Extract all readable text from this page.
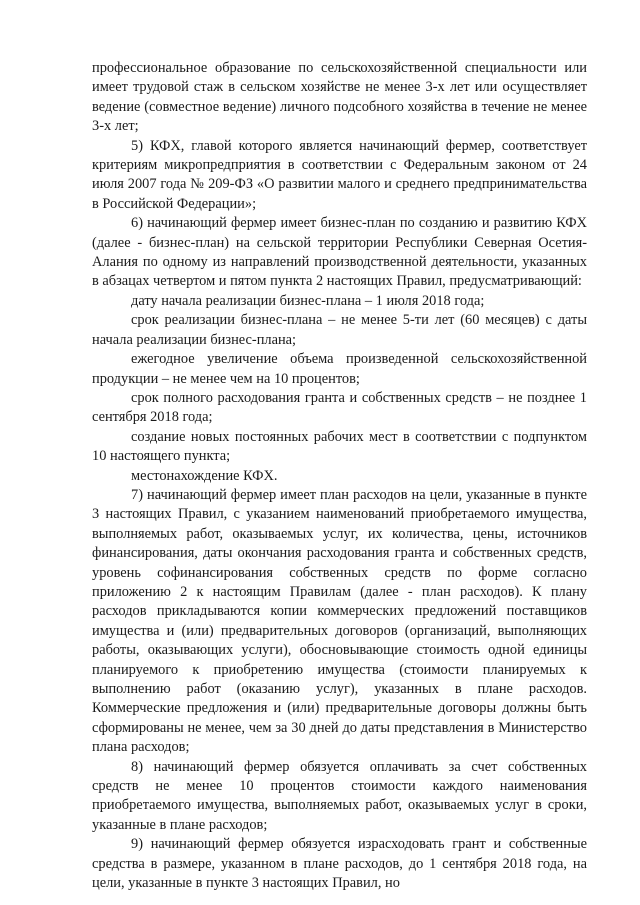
профессиональное образование по сельскохозяйственной специальности или имеет трудовой стаж в сельском хозяйстве не менее 3-х лет или осуществляет ведение (совместное ведение) личного подсобного хозяйства в течение не менее 3-х лет;

5) КФХ, главой которого является начинающий фермер, соответствует критериям микропредприятия в соответствии с Федеральным законом от 24 июля 2007 года № 209-ФЗ «О развитии малого и среднего предпринимательства в Российской Федерации»;

6) начинающий фермер имеет бизнес-план по созданию и развитию КФХ (далее - бизнес-план) на сельской территории Республики Северная Осетия-Алания по одному из направлений производственной деятельности, указанных в абзацах четвертом и пятом пункта 2 настоящих Правил, предусматривающий:

дату начала реализации бизнес-плана – 1 июля 2018 года;

срок реализации бизнес-плана – не менее 5-ти лет (60 месяцев) с даты начала реализации бизнес-плана;

ежегодное увеличение объема произведенной сельскохозяйственной продукции – не менее чем на 10 процентов;

срок полного расходования гранта и собственных средств – не позднее 1 сентября 2018 года;

создание новых постоянных рабочих мест в соответствии с подпунктом 10 настоящего пункта;

местонахождение КФХ.

7) начинающий фермер имеет план расходов на цели, указанные в пункте 3 настоящих Правил, с указанием наименований приобретаемого имущества, выполняемых работ, оказываемых услуг, их количества, цены, источников финансирования, даты окончания расходования гранта и собственных средств, уровень софинансирования собственных средств по форме согласно приложению 2 к настоящим Правилам (далее - план расходов). К плану расходов прикладываются копии коммерческих предложений поставщиков имущества и (или) предварительных договоров (организаций, выполняющих работы, оказывающих услуги), обосновывающие стоимость одной единицы планируемого к приобретению имущества (стоимости планируемых к выполнению работ (оказанию услуг), указанных в плане расходов. Коммерческие предложения и (или) предварительные договоры должны быть сформированы не менее, чем за 30 дней до даты представления в Министерство плана расходов;

8) начинающий фермер обязуется оплачивать за счет собственных средств не менее 10 процентов стоимости каждого наименования приобретаемого имущества, выполняемых работ, оказываемых услуг в сроки, указанные в плане расходов;

9) начинающий фермер обязуется израсходовать грант и собственные средства в размере, указанном в плане расходов, до 1 сентября 2018 года, на цели, указанные в пункте 3 настоящих Правил, но
